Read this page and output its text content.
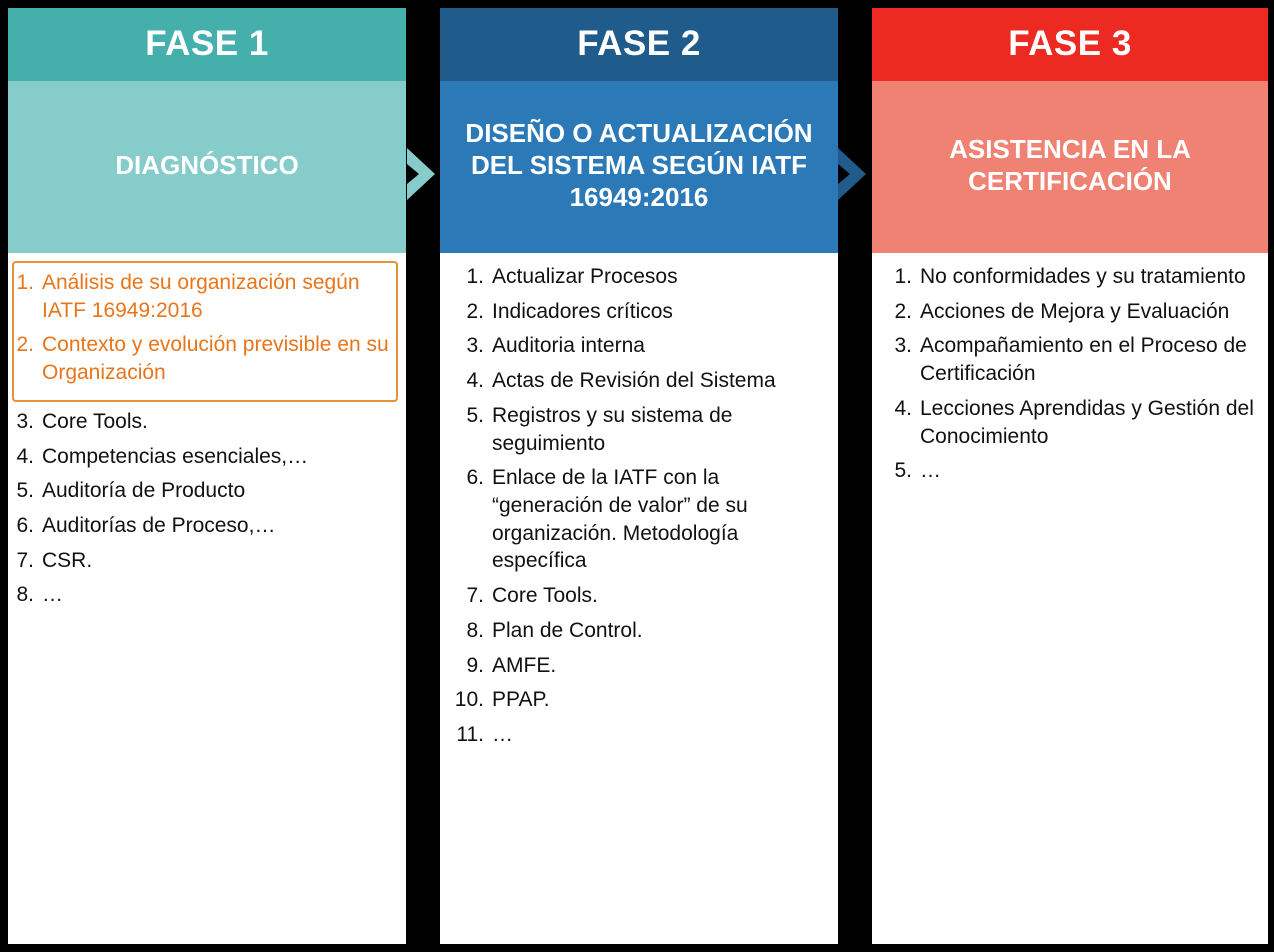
FASE 1
DIAGNÓSTICO
1. Análisis de su organización según IATF 16949:2016
2. Contexto y evolución previsible en su Organización
3. Core Tools.
4. Competencias esenciales,…
5. Auditoría de Producto
6. Auditorías de Proceso,…
7. CSR.
8. …
FASE 2
DISEÑO O ACTUALIZACIÓN DEL SISTEMA SEGÚN IATF 16949:2016
1. Actualizar Procesos
2. Indicadores críticos
3. Auditoria interna
4. Actas de Revisión del Sistema
5. Registros y su sistema de seguimiento
6. Enlace de la IATF con la “generación de valor” de su organización. Metodología específica
7. Core Tools.
8. Plan de Control.
9. AMFE.
10. PPAP.
11. …
FASE 3
ASISTENCIA EN LA CERTIFICACIÓN
1. No conformidades y su tratamiento
2. Acciones de Mejora y Evaluación
3. Acompañamiento en el Proceso de Certificación
4. Lecciones Aprendidas y Gestión del Conocimiento
5. …
